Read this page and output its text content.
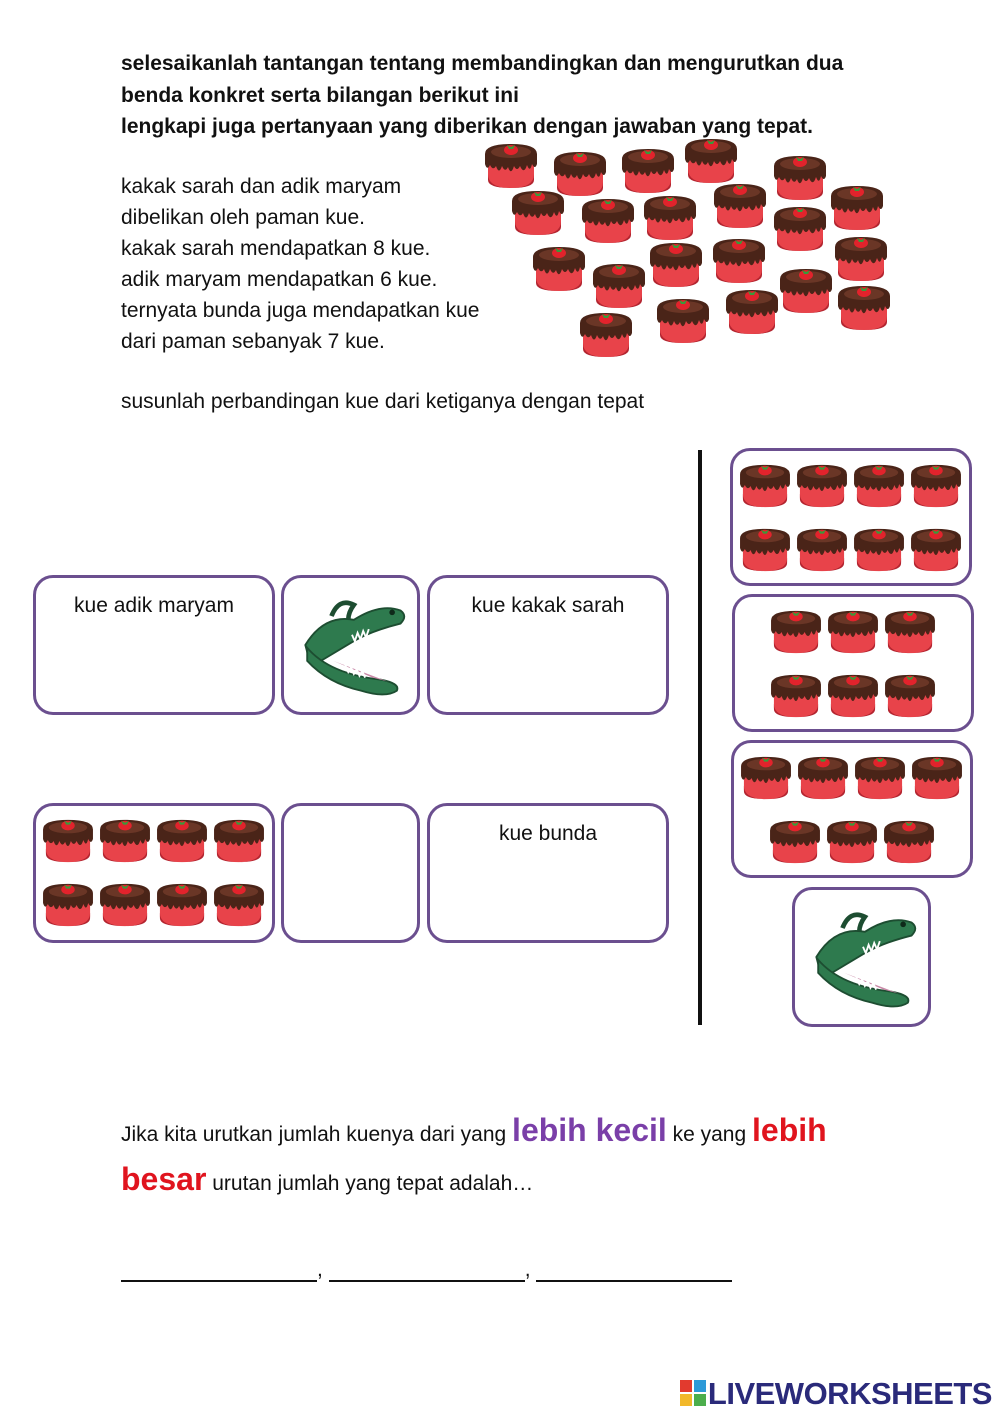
selesaikanlah tantangan tentang membandingkan dan mengurutkan dua
benda konkret serta bilangan berikut ini
lengkapi juga pertanyaan yang diberikan dengan jawaban yang tepat.
kakak sarah dan adik maryam
dibelikan oleh paman kue.
kakak sarah mendapatkan 8 kue.
adik maryam mendapatkan 6 kue.
ternyata bunda juga mendapatkan kue
dari paman sebanyak 7 kue.
susunlah perbandingan kue dari ketiganya dengan tepat
kue adik maryam	kue kakak sarah
kue bunda
Jika kita urutkan jumlah kuenya dari yang lebih kecil ke yang lebih
besar urutan jumlah yang tepat adalah…
,	,
LIVEWORKSHEETS
